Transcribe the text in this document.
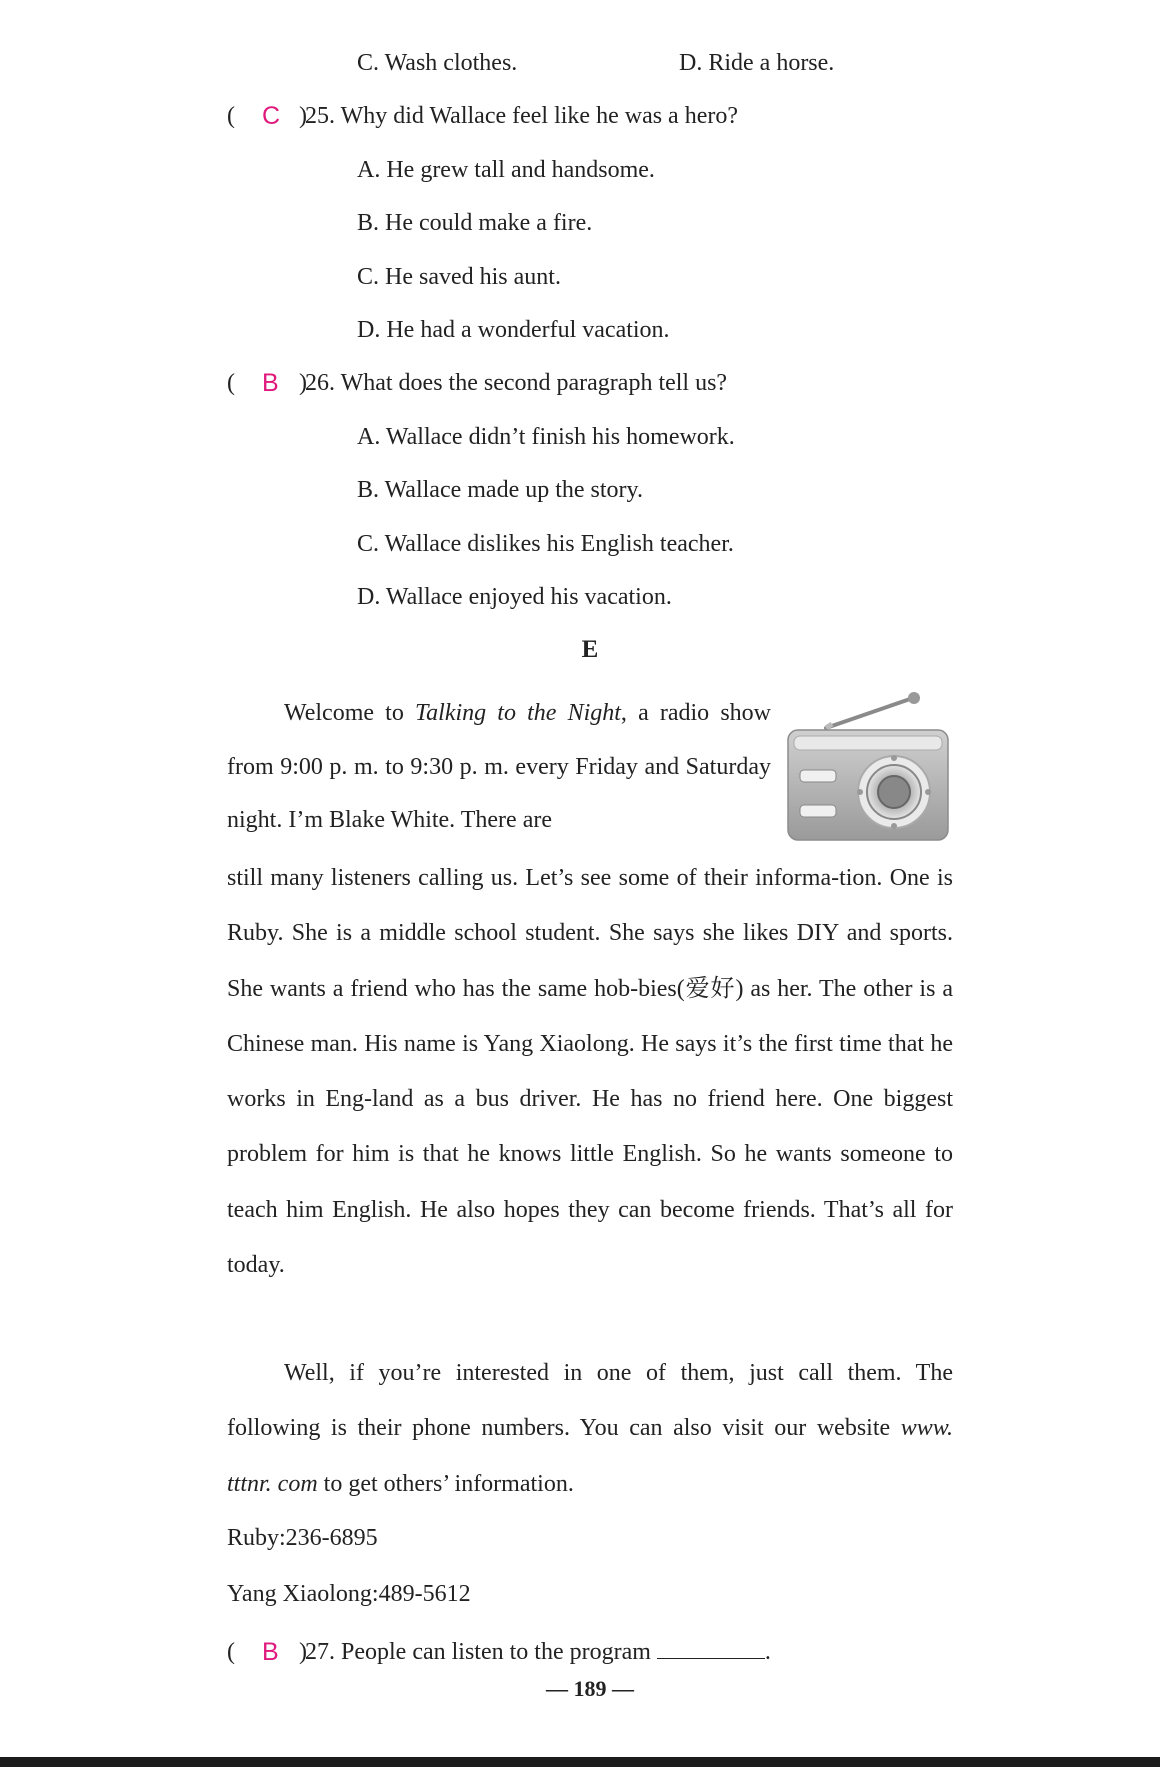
C. Wash clothes.	D. Ride a horse.
( C )
25. Why did Wallace feel like he was a hero?
A. He grew tall and handsome.
B. He could make a fire.
C. He saved his aunt.
D. He had a wonderful vacation.
( B )
26. What does the second paragraph tell us?
A. Wallace didn’t finish his homework.
B. Wallace made up the story.
C. Wallace dislikes his English teacher.
D. Wallace enjoyed his vacation.
E
Welcome to Talking to the Night, a radio show from 9:00 p. m. to 9:30 p. m. every Friday and Saturday night. I’m Blake White. There are
still many listeners calling us. Let’s see some of their informa-tion. One is Ruby. She is a middle school student. She says she likes DIY and sports. She wants a friend who has the same hob-bies(爱好) as her. The other is a Chinese man. His name is Yang Xiaolong. He says it’s the first time that he works in Eng-land as a bus driver. He has no friend here. One biggest problem for him is that he knows little English. So he wants someone to teach him English. He also hopes they can become friends. That’s all for today.
Well, if you’re interested in one of them, just call them. The following is their phone numbers. You can also visit our website www. tttnr. com to get others’ information.
Ruby:236-6895
Yang Xiaolong:489-5612
( B )
27. People can listen to the program	.
— 189 —
